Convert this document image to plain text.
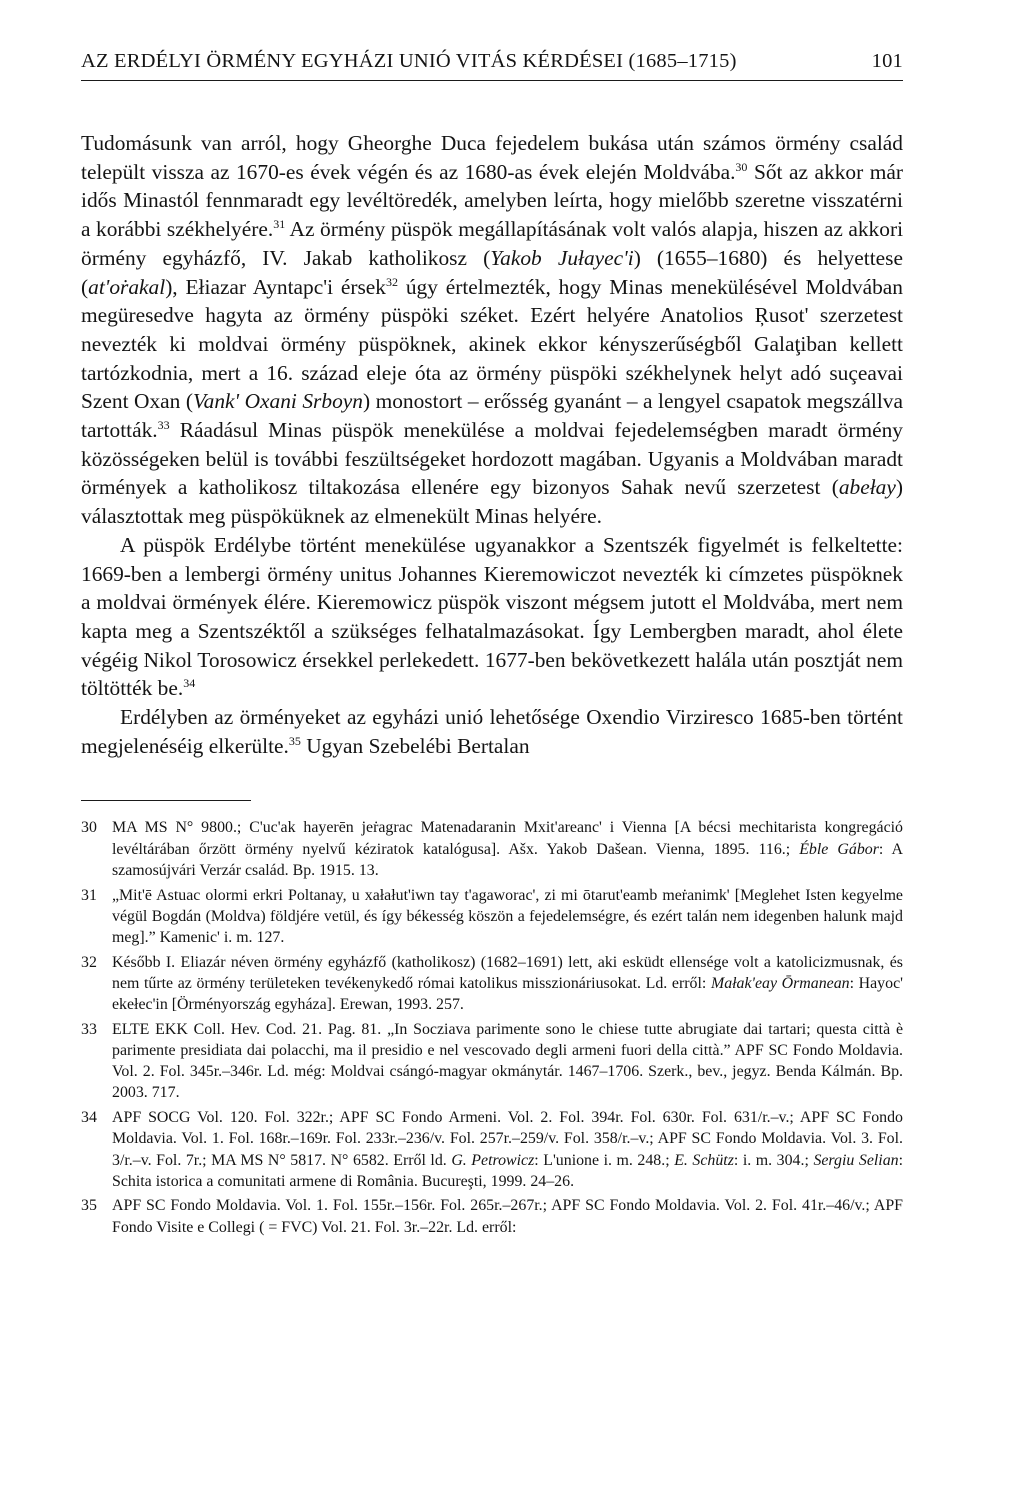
AZ ERDÉLYI ÖRMÉNY EGYHÁZI UNIÓ VITÁS KÉRDÉSEI (1685–1715)	101

Tudomásunk van arról, hogy Gheorghe Duca fejedelem bukása után számos örmény család települt vissza az 1670-es évek végén és az 1680-as évek elején Moldvába.$^{30}$ Sőt az akkor már idős Minastól fennmaradt egy levéltöredék, amelyben leírta, hogy mielőbb szeretne visszatérni a korábbi székhelyére.$^{31}$ Az örmény püspök megállapításának volt valós alapja, hiszen az akkori örmény egyházfő, IV. Jakab katholikosz (Yakob Jułayec'i) (1655–1680) és helyettese (at'oṙakal), Ełiazar Ayntapc'i érsek$^{32}$ úgy értelmezték, hogy Minas menekülésével Moldvában megüresedve hagyta az örmény püspöki széket. Ezért helyére Anatolios Ŗusot' szerzetest nevezték ki moldvai örmény püspöknek, akinek ekkor kényszerűségből Galaţiban kellett tartózkodnia, mert a 16. század eleje óta az örmény püspöki székhelynek helyt adó suçeavai Szent Oxan (Vank' Oxani Srboyn) monostort – erősség gyanánt – a lengyel csapatok megszállva tartották.$^{33}$ Ráadásul Minas püspök menekülése a moldvai fejedelemségben maradt örmény közösségeken belül is további feszültségeket hordozott magában. Ugyanis a Moldvában maradt örmények a katholikosz tiltakozása ellenére egy bizonyos Sahak nevű szerzetest (abełay) választottak meg püspöküknek az elmenekült Minas helyére.

A püspök Erdélybe történt menekülése ugyanakkor a Szentszék figyelmét is felkeltette: 1669-ben a lembergi örmény unitus Johannes Kieremowiczot nevezték ki címzetes püspöknek a moldvai örmények élére. Kieremowicz püspök viszont mégsem jutott el Moldvába, mert nem kapta meg a Szentszéktől a szükséges felhatalmazásokat. Így Lembergben maradt, ahol élete végéig Nikol Torosowicz érsekkel perlekedett. 1677-ben bekövetkezett halála után posztját nem töltötték be.$^{34}$

Erdélyben az örményeket az egyházi unió lehetősége Oxendio Virziresco 1685-ben történt megjelenéséig elkerülte.$^{35}$ Ugyan Szebelébi Bertalan

30 MA MS N° 9800.; C'uc'ak hayerēn jeṙagrac Matenadaranin Mxit'areanc' i Vienna [A bécsi mechitarista kongregáció levéltárában őrzött örmény nyelvű kéziratok katalógusa]. Ašx. Yakob Dašean. Vienna, 1895. 116.; Éble Gábor: A szamosújvári Verzár család. Bp. 1915. 13.
31 „Mit'ē Astuac olormi erkri Poltanay, u xałałut'iwn tay t'agaworac', zi mi ōtarut'eamb meṙanimk' [Meglehet Isten kegyelme végül Bogdán (Moldva) földjére vetül, és így békesség köszön a fejedelemségre, és ezért talán nem idegenben halunk majd meg].” Kamenic' i. m. 127.
32 Később I. Eliazár néven örmény egyházfő (katholikosz) (1682–1691) lett, aki esküdt ellensége volt a katolicizmusnak, és nem tűrte az örmény területeken tevékenykedő római katolikus misszionáriusokat. Ld. erről: Małak'eay Ōrmanean: Hayoc' ekełec'in [Örményország egyháza]. Erewan, 1993. 257.
33 ELTE EKK Coll. Hev. Cod. 21. Pag. 81. „In Socziava parimente sono le chiese tutte abrugiate dai tartari; questa città è parimente presidiata dai polacchi, ma il presidio e nel vescovado degli armeni fuori della città.” APF SC Fondo Moldavia. Vol. 2. Fol. 345r.–346r. Ld. még: Moldvai csángó-magyar okmánytár. 1467–1706. Szerk., bev., jegyz. Benda Kálmán. Bp. 2003. 717.
34 APF SOCG Vol. 120. Fol. 322r.; APF SC Fondo Armeni. Vol. 2. Fol. 394r. Fol. 630r. Fol. 631/r.–v.; APF SC Fondo Moldavia. Vol. 1. Fol. 168r.–169r. Fol. 233r.–236/v. Fol. 257r.–259/v. Fol. 358/r.–v.; APF SC Fondo Moldavia. Vol. 3. Fol. 3/r.–v. Fol. 7r.; MA MS N° 5817. N° 6582. Erről ld. G. Petrowicz: L'unione i. m. 248.; E. Schütz: i. m. 304.; Sergiu Selian: Schita istorica a comunitati armene di România. Bucureşti, 1999. 24–26.
35 APF SC Fondo Moldavia. Vol. 1. Fol. 155r.–156r. Fol. 265r.–267r.; APF SC Fondo Moldavia. Vol. 2. Fol. 41r.–46/v.; APF Fondo Visite e Collegi ( = FVC) Vol. 21. Fol. 3r.–22r. Ld. erről:
